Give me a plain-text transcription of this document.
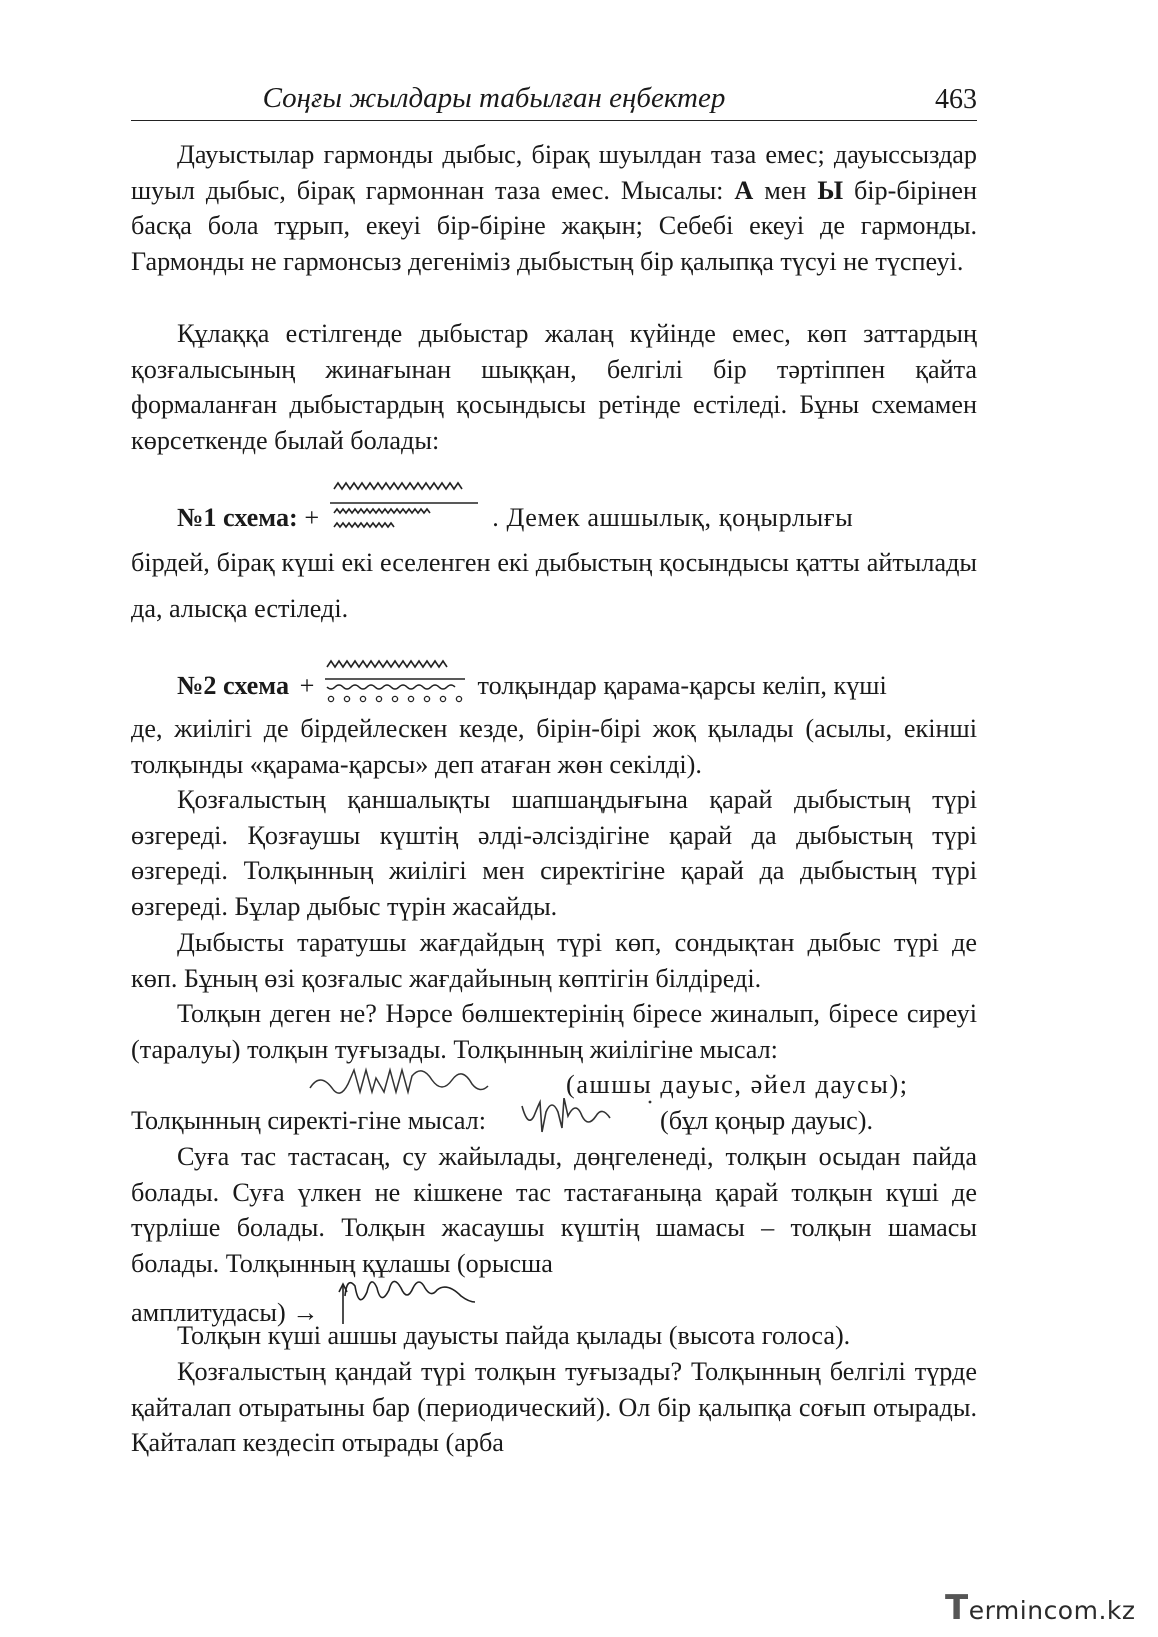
Соңғы жылдары табылған еңбектер	463

Дауыстылар гармонды дыбыс, бірақ шуылдан таза емес; дауыссыздар шуыл дыбыс, бірақ гармоннан таза емес. Мысалы: А мен Ы бір-бірінен басқа бола тұрып, екеуі бір-біріне жақын; Себебі екеуі де гармонды. Гармонды не гармонсыз дегеніміз дыбыстың бір қалыпқа түсуі не түспеуі.

Құлаққа естілгенде дыбыстар жалаң күйінде емес, көп заттардың қозғалысының жинағынан шыққан, белгілі бір тәртіппен қайта формаланған дыбыстардың қосындысы ретінде естіледі. Бұны схемамен көрсеткенде былай болады:

№1 схема: +	. Демек ашшылық, қоңырлығы

бірдей, бірақ күші екі еселенген екі дыбыстың қосындысы қатты айтылады да, алысқа естіледі.

№2 схема +	толқындар қарама-қарсы келіп, күші

де, жиілігі де бірдейлескен кезде, бірін-бірі жоқ қылады (асылы, екінші толқынды «қарама-қарсы» деп атаған жөн секілді).

Қозғалыстың қаншалықты шапшаңдығына қарай дыбыстың түрі өзгереді. Қозғаушы күштің әлді-әлсіздігіне қарай да дыбыстың түрі өзгереді. Толқынның жиілігі мен сиректігіне қарай да дыбыстың түрі өзгереді. Бұлар дыбыс түрін жасайды.

Дыбысты таратушы жағдайдың түрі көп, сондықтан дыбыс түрі де көп. Бұның өзі қозғалыс жағдайының көптігін білдіреді.

Толқын деген не? Нәрсе бөлшектерінің біресе жиналып, біресе сиреуі (таралуы) толқын туғызады. Толқынның жиілігіне мысал:

(ашшы дауыс, әйел даусы);
Толқынның сиректі-гіне мысал:	(бұл қоңыр дауыс).

Суға тас тастасаң, су жайылады, дөңгеленеді, толқын осыдан пайда болады. Суға үлкен не кішкене тас тастағаныңа қарай толқын күші де түрліше болады. Толқын жасаушы күштің шамасы – толқын шамасы болады. Толқынның құлашы (орысша

амплитудасы) →

Толқын күші ашшы дауысты пайда қылады (высота голоса).

Қозғалыстың қандай түрі толқын туғызады? Толқынның белгілі түрде қайталап отыратыны бар (периодический). Ол бір қалыпқа соғып отырады. Қайталап кездесіп отырады (арба

Termincom.kz
